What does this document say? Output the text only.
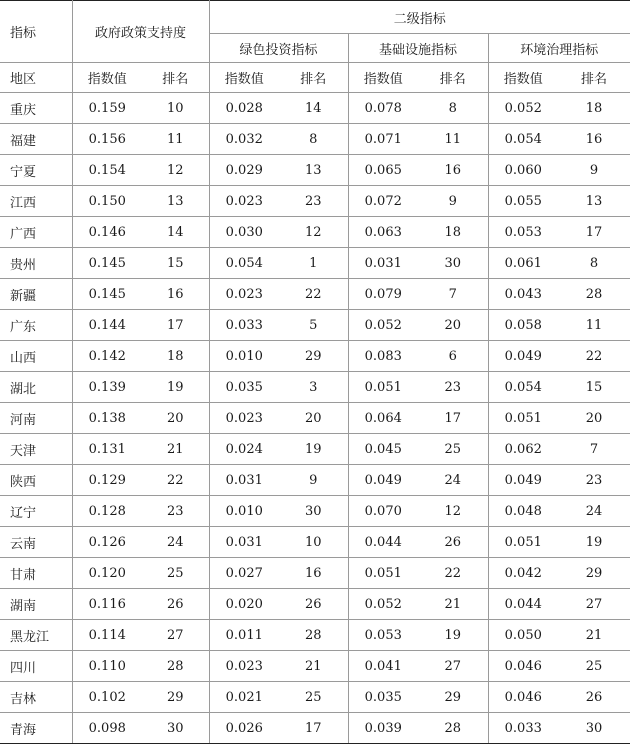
指标	政府政策支持度		二级指标					
			绿色投资指标		基础设施指标		环境治理指标	
地区	指数值	排名	指数值	排名	指数值	排名	指数值	排名
重庆	0.159	10	0.028	14	0.078	8	0.052	18
福建	0.156	11	0.032	8	0.071	11	0.054	16
宁夏	0.154	12	0.029	13	0.065	16	0.060	9
江西	0.150	13	0.023	23	0.072	9	0.055	13
广西	0.146	14	0.030	12	0.063	18	0.053	17
贵州	0.145	15	0.054	1	0.031	30	0.061	8
新疆	0.145	16	0.023	22	0.079	7	0.043	28
广东	0.144	17	0.033	5	0.052	20	0.058	11
山西	0.142	18	0.010	29	0.083	6	0.049	22
湖北	0.139	19	0.035	3	0.051	23	0.054	15
河南	0.138	20	0.023	20	0.064	17	0.051	20
天津	0.131	21	0.024	19	0.045	25	0.062	7
陕西	0.129	22	0.031	9	0.049	24	0.049	23
辽宁	0.128	23	0.010	30	0.070	12	0.048	24
云南	0.126	24	0.031	10	0.044	26	0.051	19
甘肃	0.120	25	0.027	16	0.051	22	0.042	29
湖南	0.116	26	0.020	26	0.052	21	0.044	27
黑龙江	0.114	27	0.011	28	0.053	19	0.050	21
四川	0.110	28	0.023	21	0.041	27	0.046	25
吉林	0.102	29	0.021	25	0.035	29	0.046	26
青海	0.098	30	0.026	17	0.039	28	0.033	30
